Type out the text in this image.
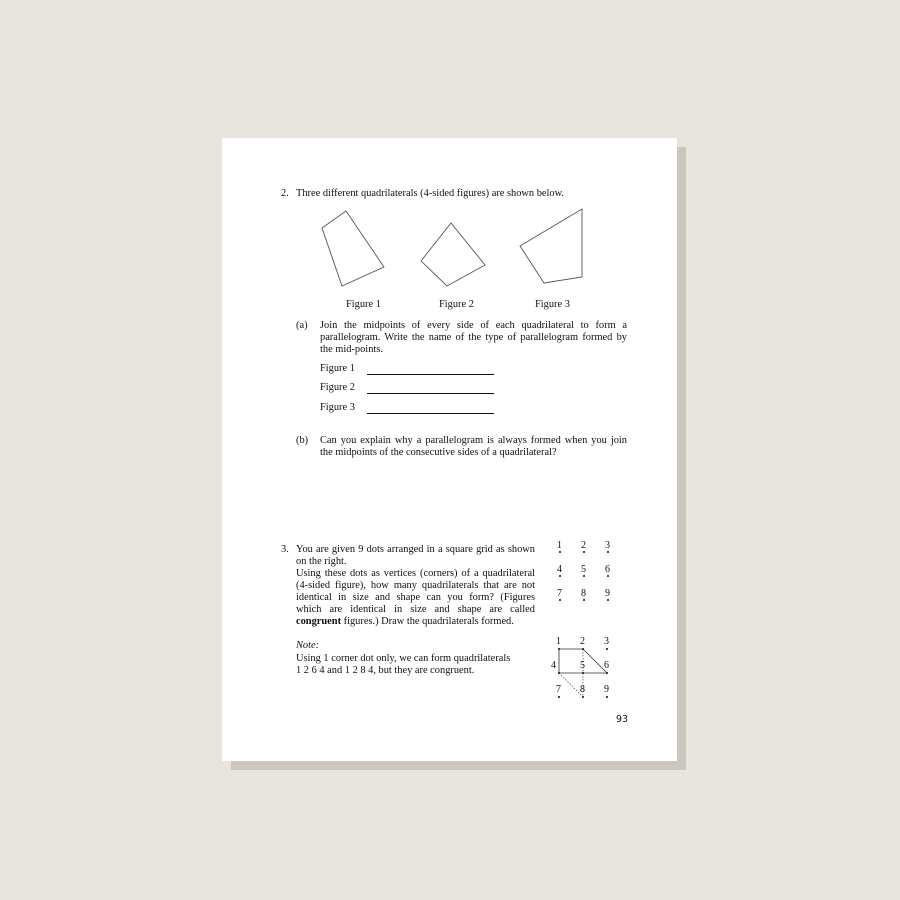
2. Three different quadrilaterals (4-sided figures) are shown below.
Figure 1	Figure 2	Figure 3
(a) Join the midpoints of every side of each quadrilateral to form a
parallelogram. Write the name of the type of parallelogram formed by
the mid-points.
Figure 1
Figure 2
Figure 3
(b) Can you explain why a parallelogram is always formed when you join
the midpoints of the consecutive sides of a quadrilateral?
3. You are given 9 dots arranged in a square grid as shown
on the right.
Using these dots as vertices (corners) of a quadrilateral
(4-sided figure), how many quadrilaterals that are not
identical in size and shape can you form? (Figures
which are identical in size and shape are called
congruent figures.) Draw the quadrilaterals formed.
Note:
Using 1 corner dot only, we can form quadrilaterals
1 2 6 4 and 1 2 8 4, but they are congruent.
1 2 3
4 5 6
7 8 9
1 2 3
4 5 6
7 8 9
93
